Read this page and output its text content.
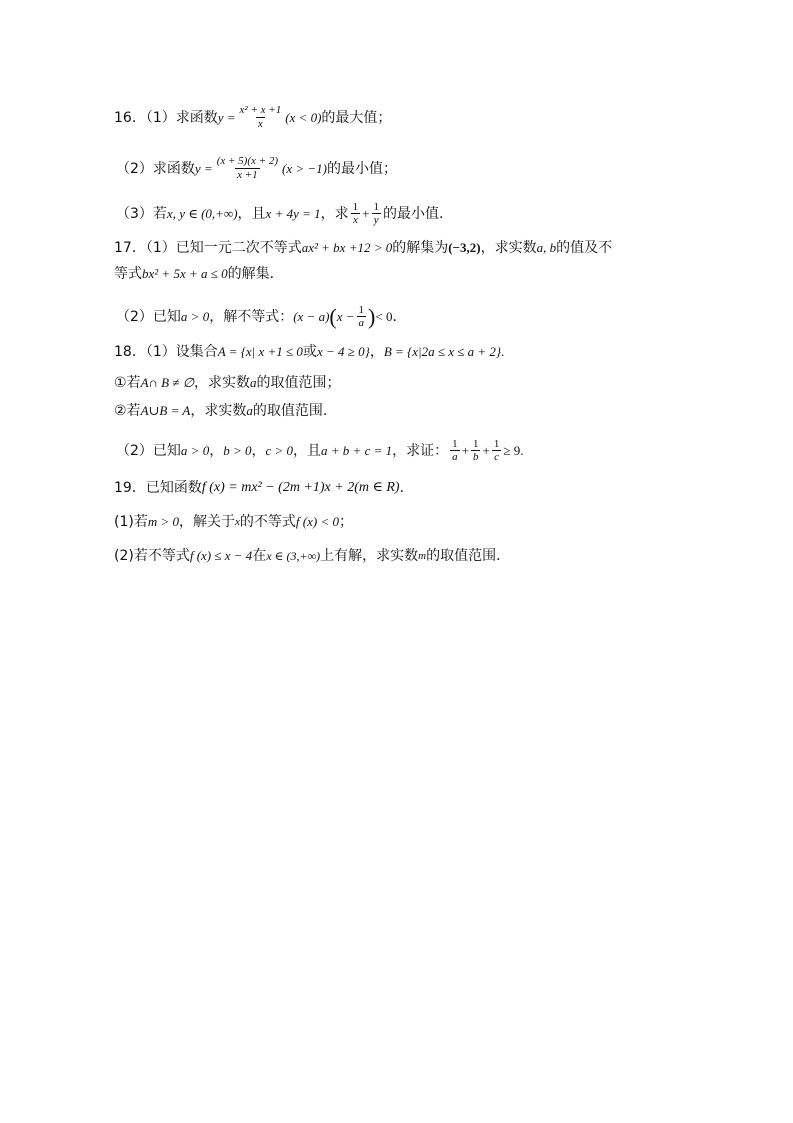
16．（1）求函数 $y = \frac{\text{x² + x +1}}{x} (x < 0)$ 的最大值；
（2）求函数 $y = \frac{(x + 5)(x + 2)}{x +1} (x > -1)$ 的最小值；
（3）若 x, y ∈ (0,+∞) ，且 x + 4y = 1 ，求 $\frac{1}{x} + \frac{1}{y}$ 的最小值.
17．（1）已知一元二次不等式 ax² + bx +12 > 0 的解集为 (−3,2) ，求实数 a, b 的值及不
等式 bx² + 5x + a ≤ 0 的解集．
（2）已知 a > 0 ，解不等式： (x − a) ( $x - \frac{1}{a}$ ) < 0 ．
18．（1）设集合 A = {x| x +1 ≤ 0 或 x − 4 ≥ 0} ， B = {x|2a ≤ x ≤ a + 2} .
①若 A∩ B ≠ ∅ ，求实数 a 的取值范围；
②若 A∪B = A ，求实数 a 的取值范围.
（2）已知 a > 0 ， b > 0 ， c > 0 ，且 a + b + c = 1 ，求证： $\frac{1}{a} + \frac{1}{b} + \frac{1}{c} \ge 9$ .
19．已知函数 f (x) = mx² − (2m +1)x + 2(m ∈ R) ．
(1)若 m > 0 ，解关于 x 的不等式 f (x) < 0 ；
(2)若不等式 f (x) ≤ x − 4 在 x ∈ (3,+∞) 上有解，求实数 m 的取值范围．
